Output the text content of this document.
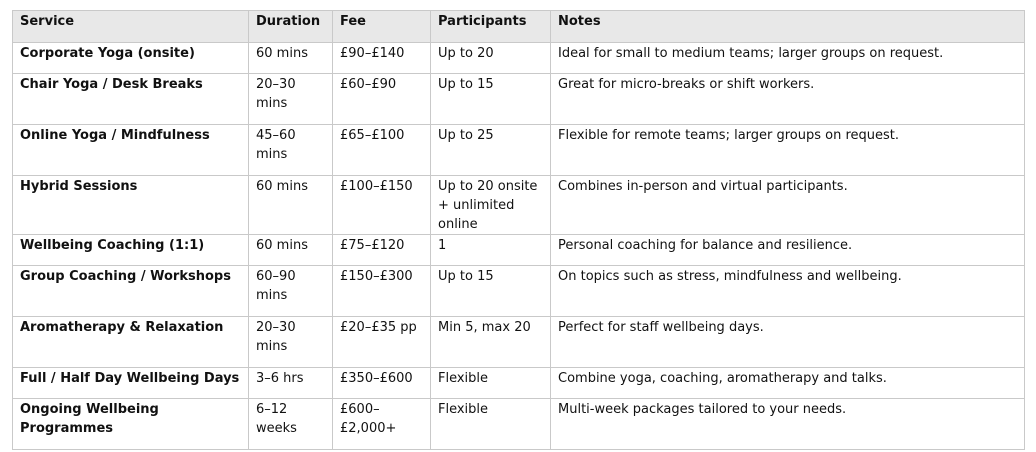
Service	Duration	Fee	Participants	Notes
Corporate Yoga (onsite)	60 mins	£90–£140	Up to 20	Ideal for small to medium teams; larger groups on request.
Chair Yoga / Desk Breaks	20–30 mins	£60–£90	Up to 15	Great for micro-breaks or shift workers.
Online Yoga / Mindfulness	45–60 mins	£65–£100	Up to 25	Flexible for remote teams; larger groups on request.
Hybrid Sessions	60 mins	£100–£150	Up to 20 onsite + unlimited online	Combines in-person and virtual participants.
Wellbeing Coaching (1:1)	60 mins	£75–£120	1	Personal coaching for balance and resilience.
Group Coaching / Workshops	60–90 mins	£150–£300	Up to 15	On topics such as stress, mindfulness and wellbeing.
Aromatherapy & Relaxation	20–30 mins	£20–£35 pp	Min 5, max 20	Perfect for staff wellbeing days.
Full / Half Day Wellbeing Days	3–6 hrs	£350–£600	Flexible	Combine yoga, coaching, aromatherapy and talks.
Ongoing Wellbeing Programmes	6–12 weeks	£600–£2,000+	Flexible	Multi-week packages tailored to your needs.
